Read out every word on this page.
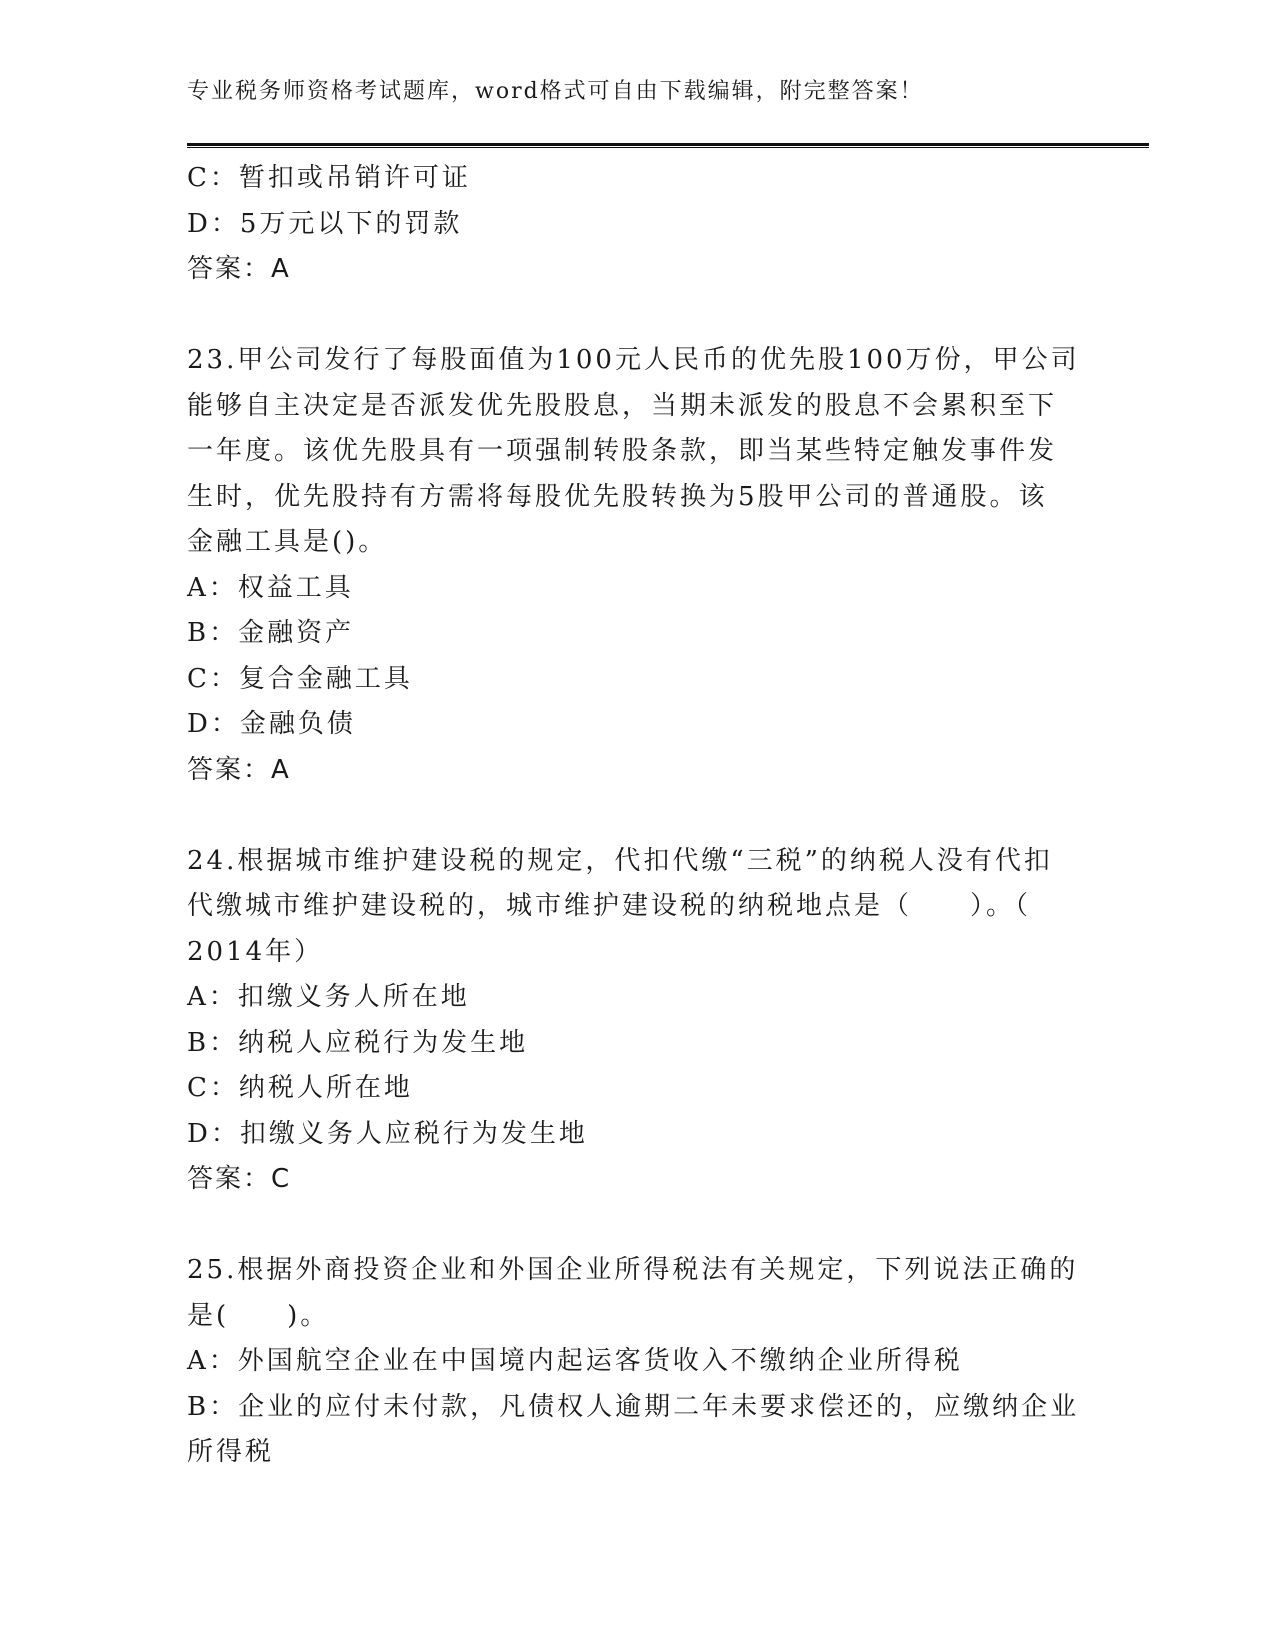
专业税务师资格考试题库，word格式可自由下载编辑，附完整答案！
C：暂扣或吊销许可证
D：5万元以下的罚款
答案：A
23.甲公司发行了每股面值为100元人民币的优先股100万份，甲公司
能够自主决定是否派发优先股股息，当期未派发的股息不会累积至下
一年度。该优先股具有一项强制转股条款，即当某些特定触发事件发
生时，优先股持有方需将每股优先股转换为5股甲公司的普通股。该
金融工具是()。
A：权益工具
B：金融资产
C：复合金融工具
D：金融负债
答案：A
24.根据城市维护建设税的规定，代扣代缴“三税”的纳税人没有代扣
代缴城市维护建设税的，城市维护建设税的纳税地点是（　　）。（
2014年）
A：扣缴义务人所在地
B：纳税人应税行为发生地
C：纳税人所在地
D：扣缴义务人应税行为发生地
答案：C
25.根据外商投资企业和外国企业所得税法有关规定，下列说法正确的
是(　　)。
A：外国航空企业在中国境内起运客货收入不缴纳企业所得税
B：企业的应付未付款，凡债权人逾期二年未要求偿还的，应缴纳企业
所得税
